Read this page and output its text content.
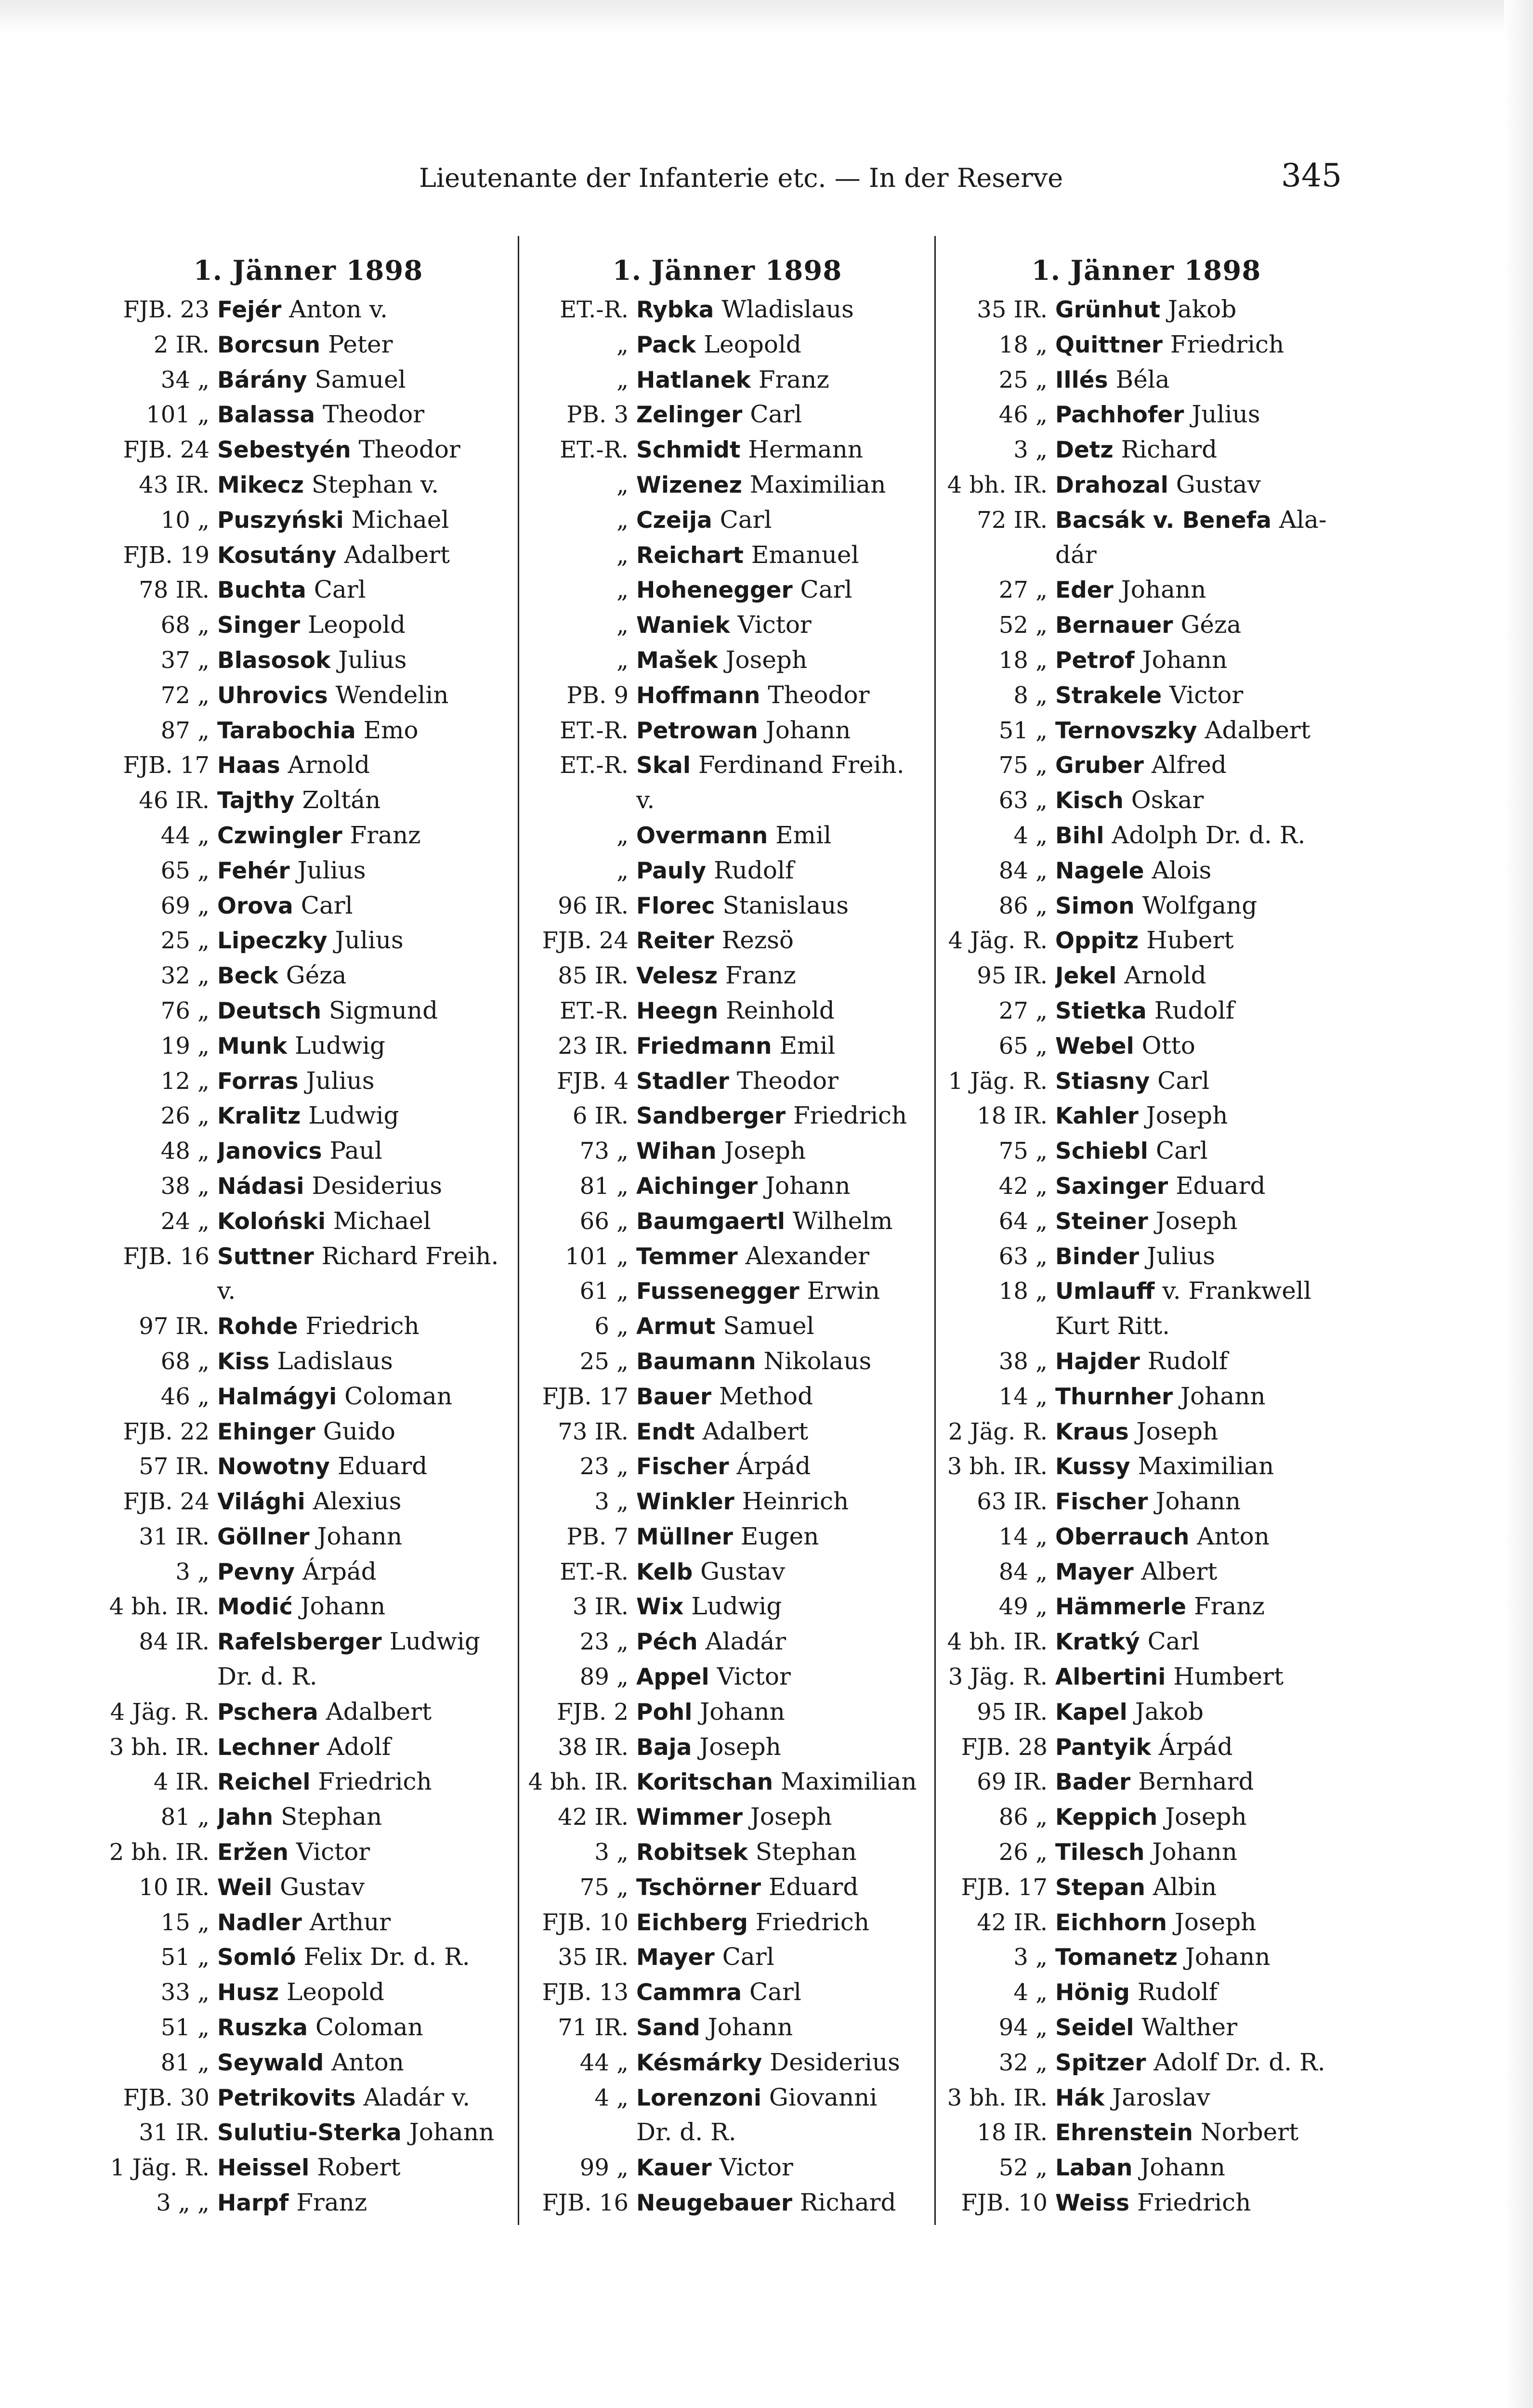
Lieutenante der Infanterie etc. — In der Reserve	345
1. Jänner 1898
FJB. 23 Fejér Anton v.
2 IR. Borcsun Peter
34 „ Bárány Samuel
101 „ Balassa Theodor
FJB. 24 Sebestyén Theodor
43 IR. Mikecz Stephan v.
10 „ Puszyński Michael
FJB. 19 Kosutány Adalbert
78 IR. Buchta Carl
68 „ Singer Leopold
37 „ Blasosok Julius
72 „ Uhrovics Wendelin
87 „ Tarabochia Emo
FJB. 17 Haas Arnold
46 IR. Tajthy Zoltán
44 „ Czwingler Franz
65 „ Fehér Julius
69 „ Orova Carl
25 „ Lipeczky Julius
32 „ Beck Géza
76 „ Deutsch Sigmund
19 „ Munk Ludwig
12 „ Forras Julius
26 „ Kralitz Ludwig
48 „ Janovics Paul
38 „ Nádasi Desiderius
24 „ Koloński Michael
FJB. 16 Suttner Richard Freih.
v.
97 IR. Rohde Friedrich
68 „ Kiss Ladislaus
46 „ Halmágyi Coloman
FJB. 22 Ehinger Guido
57 IR. Nowotny Eduard
FJB. 24 Világhi Alexius
31 IR. Göllner Johann
3 „ Pevny Árpád
4 bh. IR. Modić Johann
84 IR. Rafelsberger Ludwig
Dr. d. R.
4 Jäg. R. Pschera Adalbert
3 bh. IR. Lechner Adolf
4 IR. Reichel Friedrich
81 „ Jahn Stephan
2 bh. IR. Eržen Victor
10 IR. Weil Gustav
15 „ Nadler Arthur
51 „ Somló Felix Dr. d. R.
33 „ Husz Leopold
51 „ Ruszka Coloman
81 „ Seywald Anton
FJB. 30 Petrikovits Aladár v.
31 IR. Sulutiu-Sterka Johann
1 Jäg. R. Heissel Robert
3 „ „ Harpf Franz
1. Jänner 1898
ET.-R. Rybka Wladislaus
„ Pack Leopold
„ Hatlanek Franz
PB. 3 Zelinger Carl
ET.-R. Schmidt Hermann
„ Wizenez Maximilian
„ Czeija Carl
„ Reichart Emanuel
„ Hohenegger Carl
„ Waniek Victor
„ Mašek Joseph
PB. 9 Hoffmann Theodor
ET.-R. Petrowan Johann
ET.-R. Skal Ferdinand Freih.
v.
„ Overmann Emil
„ Pauly Rudolf
96 IR. Florec Stanislaus
FJB. 24 Reiter Rezsö
85 IR. Velesz Franz
ET.-R. Heegn Reinhold
23 IR. Friedmann Emil
FJB. 4 Stadler Theodor
6 IR. Sandberger Friedrich
73 „ Wihan Joseph
81 „ Aichinger Johann
66 „ Baumgaertl Wilhelm
101 „ Temmer Alexander
61 „ Fussenegger Erwin
6 „ Armut Samuel
25 „ Baumann Nikolaus
FJB. 17 Bauer Method
73 IR. Endt Adalbert
23 „ Fischer Árpád
3 „ Winkler Heinrich
PB. 7 Müllner Eugen
ET.-R. Kelb Gustav
3 IR. Wix Ludwig
23 „ Péch Aladár
89 „ Appel Victor
FJB. 2 Pohl Johann
38 IR. Baja Joseph
4 bh. IR. Koritschan Maximilian
42 IR. Wimmer Joseph
3 „ Robitsek Stephan
75 „ Tschörner Eduard
FJB. 10 Eichberg Friedrich
35 IR. Mayer Carl
FJB. 13 Cammra Carl
71 IR. Sand Johann
44 „ Késmárky Desiderius
4 „ Lorenzoni Giovanni
Dr. d. R.
99 „ Kauer Victor
FJB. 16 Neugebauer Richard
1. Jänner 1898
35 IR. Grünhut Jakob
18 „ Quittner Friedrich
25 „ Illés Béla
46 „ Pachhofer Julius
3 „ Detz Richard
4 bh. IR. Drahozal Gustav
72 IR. Bacsák v. Benefa Ala-
dár
27 „ Eder Johann
52 „ Bernauer Géza
18 „ Petrof Johann
8 „ Strakele Victor
51 „ Ternovszky Adalbert
75 „ Gruber Alfred
63 „ Kisch Oskar
4 „ Bihl Adolph Dr. d. R.
84 „ Nagele Alois
86 „ Simon Wolfgang
4 Jäg. R. Oppitz Hubert
95 IR. Jekel Arnold
27 „ Stietka Rudolf
65 „ Webel Otto
1 Jäg. R. Stiasny Carl
18 IR. Kahler Joseph
75 „ Schiebl Carl
42 „ Saxinger Eduard
64 „ Steiner Joseph
63 „ Binder Julius
18 „ Umlauff v. Frankwell
Kurt Ritt.
38 „ Hajder Rudolf
14 „ Thurnher Johann
2 Jäg. R. Kraus Joseph
3 bh. IR. Kussy Maximilian
63 IR. Fischer Johann
14 „ Oberrauch Anton
84 „ Mayer Albert
49 „ Hämmerle Franz
4 bh. IR. Kratký Carl
3 Jäg. R. Albertini Humbert
95 IR. Kapel Jakob
FJB. 28 Pantyik Árpád
69 IR. Bader Bernhard
86 „ Keppich Joseph
26 „ Tilesch Johann
FJB. 17 Stepan Albin
42 IR. Eichhorn Joseph
3 „ Tomanetz Johann
4 „ Hönig Rudolf
94 „ Seidel Walther
32 „ Spitzer Adolf Dr. d. R.
3 bh. IR. Hák Jaroslav
18 IR. Ehrenstein Norbert
52 „ Laban Johann
FJB. 10 Weiss Friedrich
